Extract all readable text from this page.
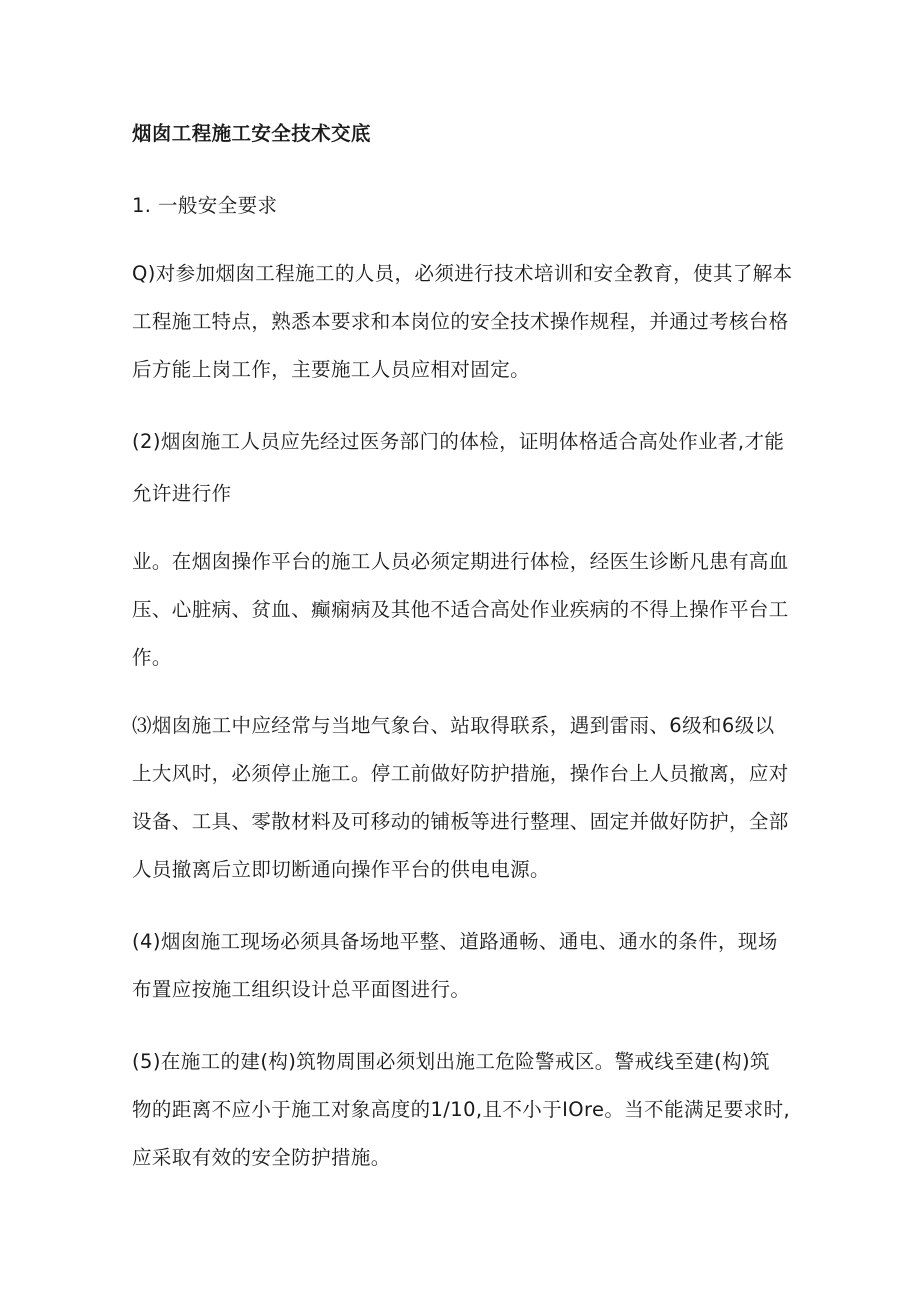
烟囱工程施工安全技术交底
1. 一般安全要求
Q)对参加烟囱工程施工的人员，必须进行技术培训和安全教育，使其了解本
工程施工特点，熟悉本要求和本岗位的安全技术操作规程，并通过考核台格
后方能上岗工作，主要施工人员应相对固定。
(2)烟囱施工人员应先经过医务部门的体检，证明体格适合高处作业者,才能
允许进行作
业。在烟囱操作平台的施工人员必须定期进行体检，经医生诊断凡患有高血
压、心脏病、贫血、癫痫病及其他不适合高处作业疾病的不得上操作平台工
作。
⑶烟囱施工中应经常与当地气象台、站取得联系，遇到雷雨、6级和6级以
上大风时，必须停止施工。停工前做好防护措施，操作台上人员撤离，应对
设备、工具、零散材料及可移动的铺板等进行整理、固定并做好防护，全部
人员撤离后立即切断通向操作平台的供电电源。
(4)烟囱施工现场必须具备场地平整、道路通畅、通电、通水的条件，现场
布置应按施工组织设计总平面图进行。
(5)在施工的建(构)筑物周围必须划出施工危险警戒区。警戒线至建(构)筑
物的距离不应小于施工对象高度的1/10,且不小于IOre。当不能满足要求时,
应采取有效的安全防护措施。
